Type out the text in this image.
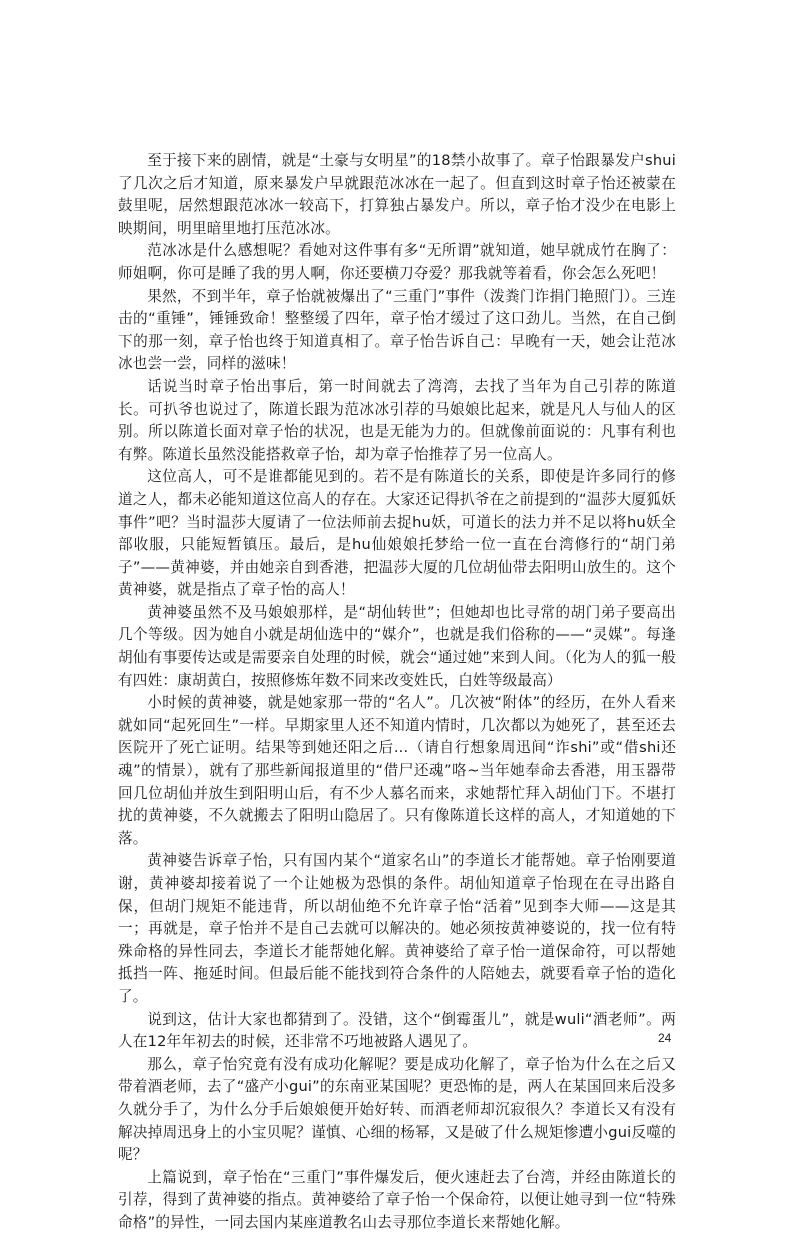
至于接下来的剧情，就是“土豪与女明星”的18禁小故事了。章子怡跟暴发户shui了几次之后才知道，原来暴发户早就跟范冰冰在一起了。但直到这时章子怡还被蒙在鼓里呢，居然想跟范冰冰一较高下，打算独占暴发户。所以，章子怡才没少在电影上映期间，明里暗里地打压范冰冰。

范冰冰是什么感想呢？看她对这件事有多“无所谓”就知道，她早就成竹在胸了：师姐啊，你可是睡了我的男人啊，你还要横刀夺爱？那我就等着看，你会怎么死吧！

果然，不到半年，章子怡就被爆出了“三重门”事件（泼粪门诈捐门艳照门）。三连击的“重锤”，锤锤致命！整整缓了四年，章子怡才缓过了这口劲儿。当然，在自己倒下的那一刻，章子怡也终于知道真相了。章子怡告诉自己：早晚有一天，她会让范冰冰也尝一尝，同样的滋味！

话说当时章子怡出事后，第一时间就去了湾湾，去找了当年为自己引荐的陈道长。可扒爷也说过了，陈道长跟为范冰冰引荐的马娘娘比起来，就是凡人与仙人的区别。所以陈道长面对章子怡的状况，也是无能为力的。但就像前面说的：凡事有利也有弊。陈道长虽然没能搭救章子怡，却为章子怡推荐了另一位高人。

这位高人，可不是谁都能见到的。若不是有陈道长的关系，即使是许多同行的修道之人，都未必能知道这位高人的存在。大家还记得扒爷在之前提到的“温莎大厦狐妖事件”吧？当时温莎大厦请了一位法师前去捉hu妖，可道长的法力并不足以将hu妖全部收服，只能短暂镇压。最后，是hu仙娘娘托梦给一位一直在台湾修行的“胡门弟子”——黄神婆，并由她亲自到香港，把温莎大厦的几位胡仙带去阳明山放生的。这个黄神婆，就是指点了章子怡的高人！

黄神婆虽然不及马娘娘那样，是“胡仙转世”；但她却也比寻常的胡门弟子要高出几个等级。因为她自小就是胡仙选中的“媒介”，也就是我们俗称的——“灵媒”。每逢胡仙有事要传达或是需要亲自处理的时候，就会“通过她”来到人间。（化为人的狐一般有四姓：康胡黄白，按照修炼年数不同来改变姓氏，白姓等级最高）

小时候的黄神婆，就是她家那一带的“名人”。几次被“附体”的经历，在外人看来就如同“起死回生”一样。早期家里人还不知道内情时，几次都以为她死了，甚至还去医院开了死亡证明。结果等到她还阳之后...（请自行想象周迅间“诈shi”或“借shi还魂”的情景），就有了那些新闻报道里的“借尸还魂”咯~当年她奉命去香港，用玉器带回几位胡仙并放生到阳明山后，有不少人慕名而来，求她帮忙拜入胡仙门下。不堪打扰的黄神婆，不久就搬去了阳明山隐居了。只有像陈道长这样的高人，才知道她的下落。

黄神婆告诉章子怡，只有国内某个“道家名山”的李道长才能帮她。章子怡刚要道谢，黄神婆却接着说了一个让她极为恐惧的条件。胡仙知道章子怡现在在寻出路自保，但胡门规矩不能违背，所以胡仙绝不允许章子怡“活着”见到李大师——这是其一；再就是，章子怡并不是自己去就可以解决的。她必须按黄神婆说的，找一位有特殊命格的异性同去，李道长才能帮她化解。黄神婆给了章子怡一道保命符，可以帮她抵挡一阵、拖延时间。但最后能不能找到符合条件的人陪她去，就要看章子怡的造化了。

说到这，估计大家也都猜到了。没错，这个“倒霉蛋儿”，就是wuli“酒老师”。两人在12年年初去的时候，还非常不巧地被路人遇见了。

那么，章子怡究竟有没有成功化解呢？要是成功化解了，章子怡为什么在之后又带着酒老师，去了“盛产小gui”的东南亚某国呢？更恐怖的是，两人在某国回来后没多久就分手了，为什么分手后娘娘便开始好转、而酒老师却沉寂很久？李道长又有没有解决掉周迅身上的小宝贝呢？谨慎、心细的杨幂，又是破了什么规矩惨遭小gui反噬的呢？

上篇说到，章子怡在“三重门”事件爆发后，便火速赶去了台湾，并经由陈道长的引荐，得到了黄神婆的指点。黄神婆给了章子怡一个保命符，以便让她寻到一位“特殊命格”的异性，一同去国内某座道教名山去寻那位李道长来帮她化解。

24
